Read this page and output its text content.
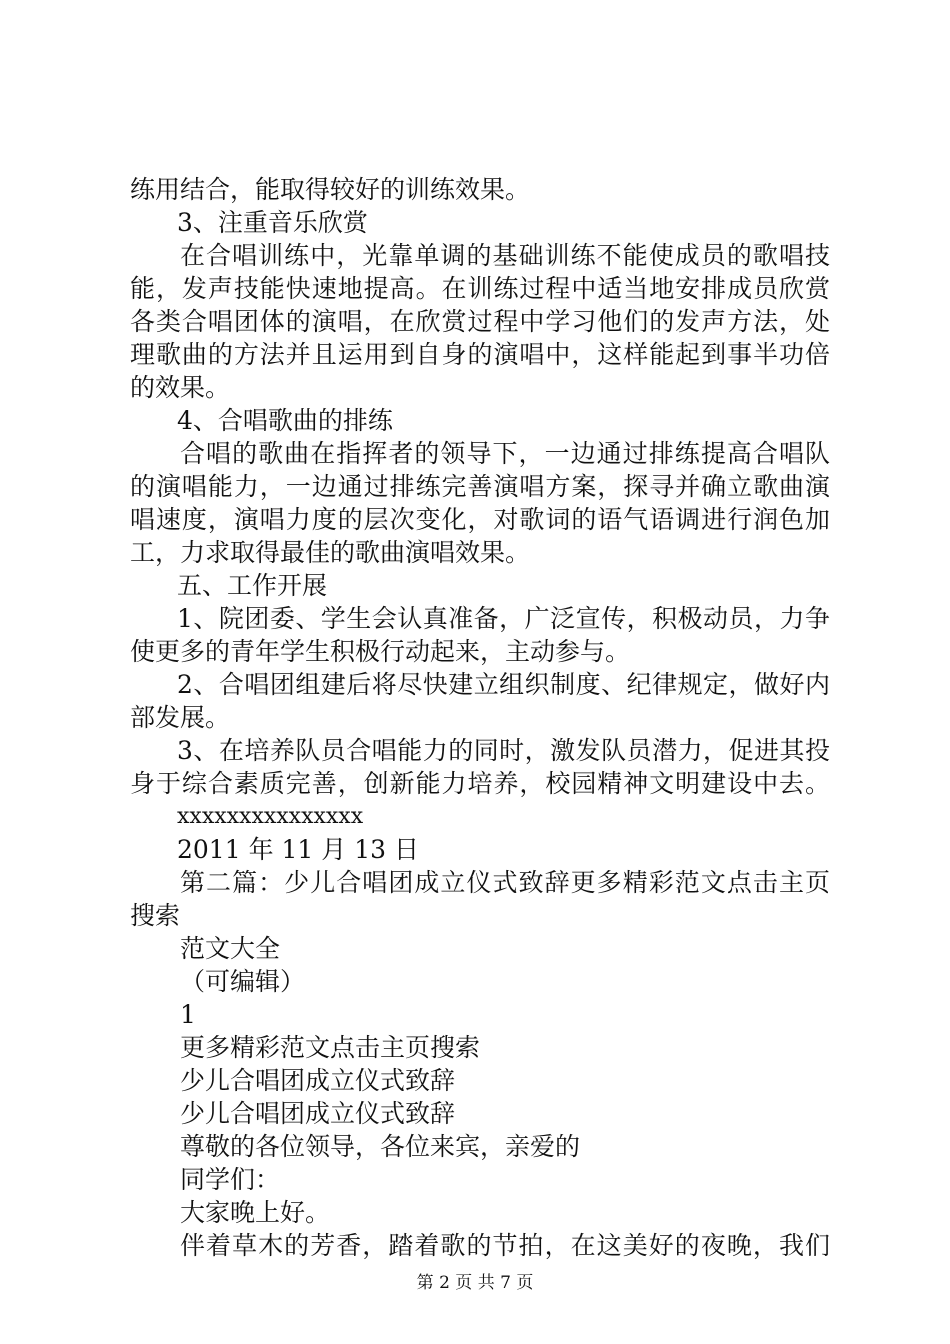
练用结合，能取得较好的训练效果。
3、注重音乐欣赏
在合唱训练中，光靠单调的基础训练不能使成员的歌唱技
能，发声技能快速地提高。在训练过程中适当地安排成员欣赏
各类合唱团体的演唱，在欣赏过程中学习他们的发声方法，处
理歌曲的方法并且运用到自身的演唱中，这样能起到事半功倍
的效果。
4、合唱歌曲的排练
合唱的歌曲在指挥者的领导下，一边通过排练提高合唱队
的演唱能力，一边通过排练完善演唱方案，探寻并确立歌曲演
唱速度，演唱力度的层次变化，对歌词的语气语调进行润色加
工，力求取得最佳的歌曲演唱效果。
五、工作开展
1、院团委、学生会认真准备，广泛宣传，积极动员，力争
使更多的青年学生积极行动起来，主动参与。
2、合唱团组建后将尽快建立组织制度、纪律规定，做好内
部发展。
3、在培养队员合唱能力的同时，激发队员潜力，促进其投
身于综合素质完善，创新能力培养，校园精神文明建设中去。
xxxxxxxxxxxxxxx
2011 年 11 月 13 日
第二篇：少儿合唱团成立仪式致辞更多精彩范文点击主页
搜索
范文大全
（可编辑）
1
更多精彩范文点击主页搜索
少儿合唱团成立仪式致辞
少儿合唱团成立仪式致辞
尊敬的各位领导，各位来宾，亲爱的
同学们：
大家晚上好。
伴着草木的芳香，踏着歌的节拍，在这美好的夜晚，我们
第 2 页 共 7 页
